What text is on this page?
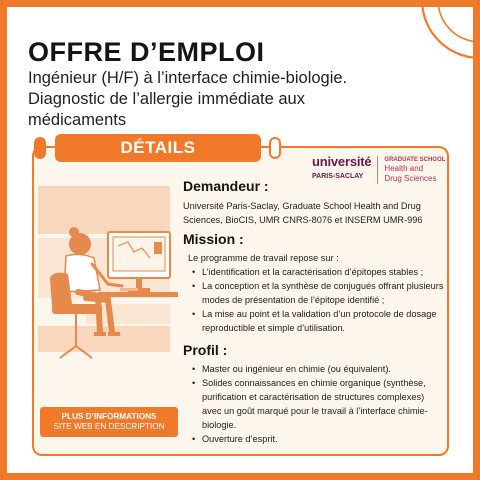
OFFRE D’EMPLOI
Ingénieur (H/F) à l’interface chimie-biologie. Diagnostic de l’allergie immédiate aux médicaments
DÉTAILS
université
PARIS-SACLAY
GRADUATE SCHOOL
Health and
Drug Sciences
Demandeur :
Université Paris-Saclay, Graduate School Health and Drug Sciences, BioCIS, UMR CNRS-8076 et INSERM UMR-996
Mission :
Le programme de travail repose sur :
• L’identification et la caractérisation d’épitopes stables ;
• La conception et la synthèse de conjugués offrant plusieurs modes de présentation de l’épitope identifié ;
• La mise au point et la validation d’un protocole de dosage reproductible et simple d’utilisation.
Profil :
• Master ou ingénieur en chimie (ou équivalent).
• Solides connaissances en chimie organique (synthèse, purification et caractérisation de structures complexes) avec un goût marqué pour le travail à l’interface chimie-biologie.
• Ouverture d’esprit.
PLUS D’INFORMATIONS
SITE WEB EN DESCRIPTION
